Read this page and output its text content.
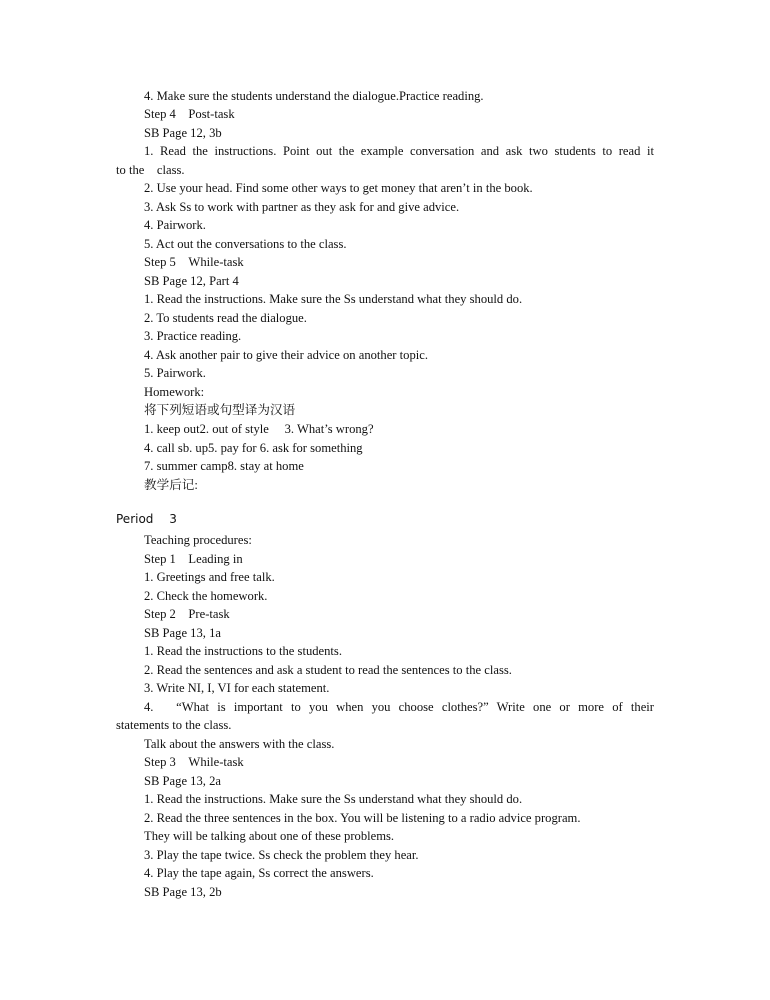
4. Make sure the students understand the dialogue.Practice reading.
Step 4　Post-task
SB Page 12, 3b
1. Read the instructions. Point out the example conversation and ask two students to read it
to the　class.
2. Use your head. Find some other ways to get money that aren’t in the book.
3. Ask Ss to work with partner as they ask for and give advice.
4. Pairwork.
5. Act out the conversations to the class.
Step 5　While-task
SB Page 12, Part 4
1. Read the instructions. Make sure the Ss understand what they should do.
2. To students read the dialogue.
3. Practice reading.
4. Ask another pair to give their advice on another topic.
5. Pairwork.
Homework:
将下列短语或句型译为汉语
1. keep out2. out of style　 3. What’s wrong?
4. call sb. up5. pay for 6. ask for something
7. summer camp8. stay at home
教学后记:
Period　 3
Teaching procedures:
Step 1　Leading in
1. Greetings and free talk.
2. Check the homework.
Step 2　Pre-task
SB Page 13, 1a
1. Read the instructions to the students.
2. Read the sentences and ask a student to read the sentences to the class.
3. Write NI, I, VI for each statement.
4.　“What is important to you when you choose clothes?” Write one or more of their
statements to the class.
Talk about the answers with the class.
Step 3　While-task
SB Page 13, 2a
1. Read the instructions. Make sure the Ss understand what they should do.
2. Read the three sentences in the box. You will be listening to a radio advice program.
They will be talking about one of these problems.
3. Play the tape twice. Ss check the problem they hear.
4. Play the tape again, Ss correct the answers.
SB Page 13, 2b
